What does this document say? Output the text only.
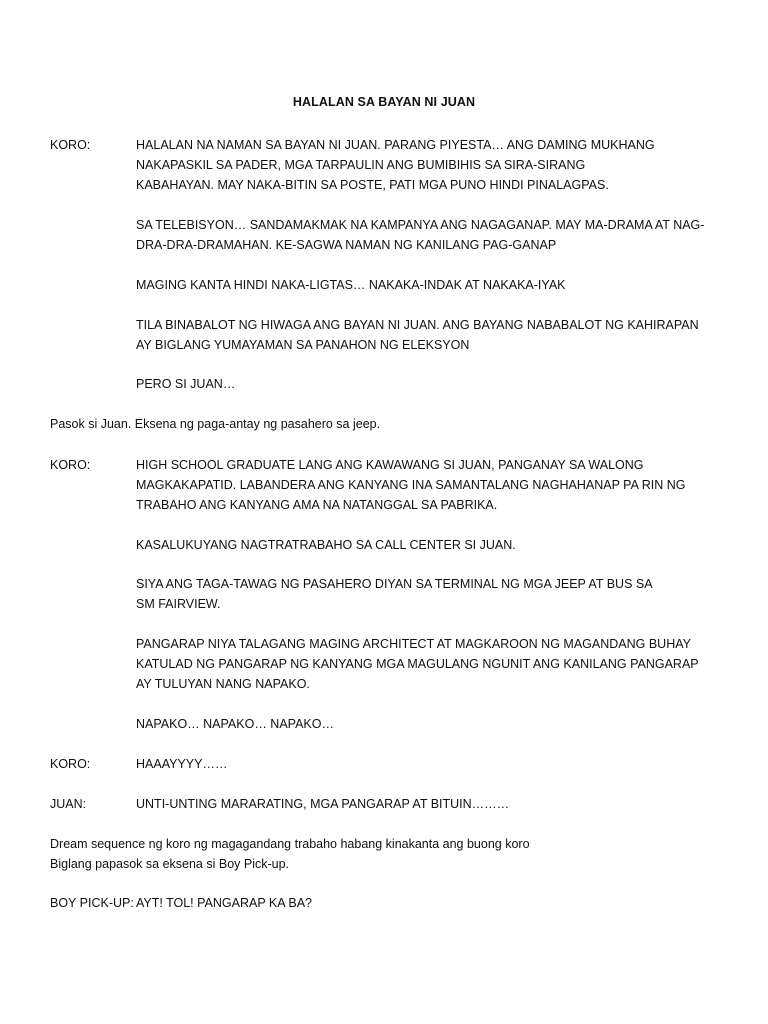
HALALAN SA BAYAN NI JUAN
KORO:	HALALAN NA NAMAN SA BAYAN NI JUAN. PARANG PIYESTA… ANG DAMING MUKHANG
NAKAPASKIL SA PADER, MGA TARPAULIN ANG BUMIBIHIS SA SIRA-SIRANG
KABAHAYAN. MAY NAKA-BITIN SA POSTE, PATI MGA PUNO HINDI PINALAGPAS.
SA TELEBISYON… SANDAMAKMAK NA KAMPANYA ANG NAGAGANAP. MAY MA-DRAMA AT NAG-
DRA-DRA-DRAMAHAN. KE-SAGWA NAMAN NG KANILANG PAG-GANAP
MAGING KANTA HINDI NAKA-LIGTAS… NAKAKA-INDAK AT NAKAKA-IYAK
TILA BINABALOT NG HIWAGA ANG BAYAN NI JUAN. ANG BAYANG NABABALOT NG KAHIRAPAN
AY BIGLANG YUMAYAMAN SA PANAHON NG ELEKSYON
PERO SI JUAN…
Pasok si Juan. Eksena ng paga-antay ng pasahero sa jeep.
KORO:	HIGH SCHOOL GRADUATE LANG ANG KAWAWANG SI JUAN, PANGANAY SA WALONG
MAGKAKAPATID. LABANDERA ANG KANYANG INA SAMANTALANG NAGHAHANAP PA RIN NG
TRABAHO ANG KANYANG AMA NA NATANGGAL SA PABRIKA.
KASALUKUYANG NAGTRATRABAHO SA CALL CENTER SI JUAN.
SIYA ANG TAGA-TAWAG NG PASAHERO DIYAN SA TERMINAL NG MGA JEEP AT BUS SA
SM FAIRVIEW.
PANGARAP NIYA TALAGANG MAGING ARCHITECT AT MAGKAROON NG MAGANDANG BUHAY
KATULAD NG PANGARAP NG KANYANG MGA MAGULANG NGUNIT ANG KANILANG PANGARAP
AY TULUYAN NANG NAPAKO.
NAPAKO… NAPAKO… NAPAKO…
KORO:	HAAAYYYY……
JUAN:	UNTI-UNTING MARARATING, MGA PANGARAP AT BITUIN………
Dream sequence ng koro ng magagandang trabaho habang kinakanta ang buong koro
Biglang papasok sa eksena si Boy Pick-up.
BOY PICK-UP: AYT! TOL! PANGARAP KA BA?
